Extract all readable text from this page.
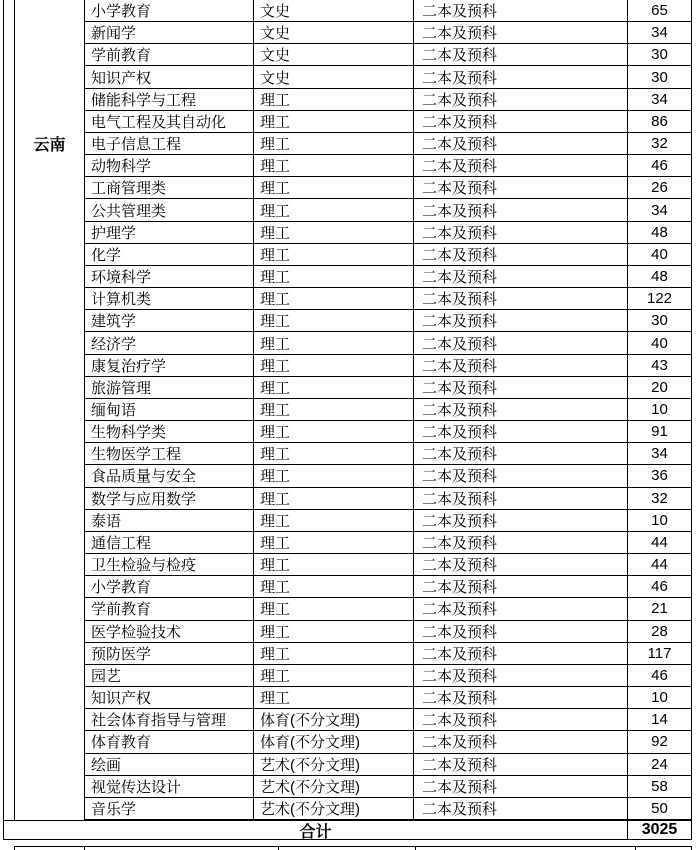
云南
小学教育	文史	二本及预科	65
新闻学	文史	二本及预科	34
学前教育	文史	二本及预科	30
知识产权	文史	二本及预科	30
储能科学与工程	理工	二本及预科	34
电气工程及其自动化	理工	二本及预科	86
电子信息工程	理工	二本及预科	32
动物科学	理工	二本及预科	46
工商管理类	理工	二本及预科	26
公共管理类	理工	二本及预科	34
护理学	理工	二本及预科	48
化学	理工	二本及预科	40
环境科学	理工	二本及预科	48
计算机类	理工	二本及预科	122
建筑学	理工	二本及预科	30
经济学	理工	二本及预科	40
康复治疗学	理工	二本及预科	43
旅游管理	理工	二本及预科	20
缅甸语	理工	二本及预科	10
生物科学类	理工	二本及预科	91
生物医学工程	理工	二本及预科	34
食品质量与安全	理工	二本及预科	36
数学与应用数学	理工	二本及预科	32
泰语	理工	二本及预科	10
通信工程	理工	二本及预科	44
卫生检验与检疫	理工	二本及预科	44
小学教育	理工	二本及预科	46
学前教育	理工	二本及预科	21
医学检验技术	理工	二本及预科	28
预防医学	理工	二本及预科	117
园艺	理工	二本及预科	46
知识产权	理工	二本及预科	10
社会体育指导与管理	体育(不分文理)	二本及预科	14
体育教育	体育(不分文理)	二本及预科	92
绘画	艺术(不分文理)	二本及预科	24
视觉传达设计	艺术(不分文理)	二本及预科	58
音乐学	艺术(不分文理)	二本及预科	50
合计	3025
